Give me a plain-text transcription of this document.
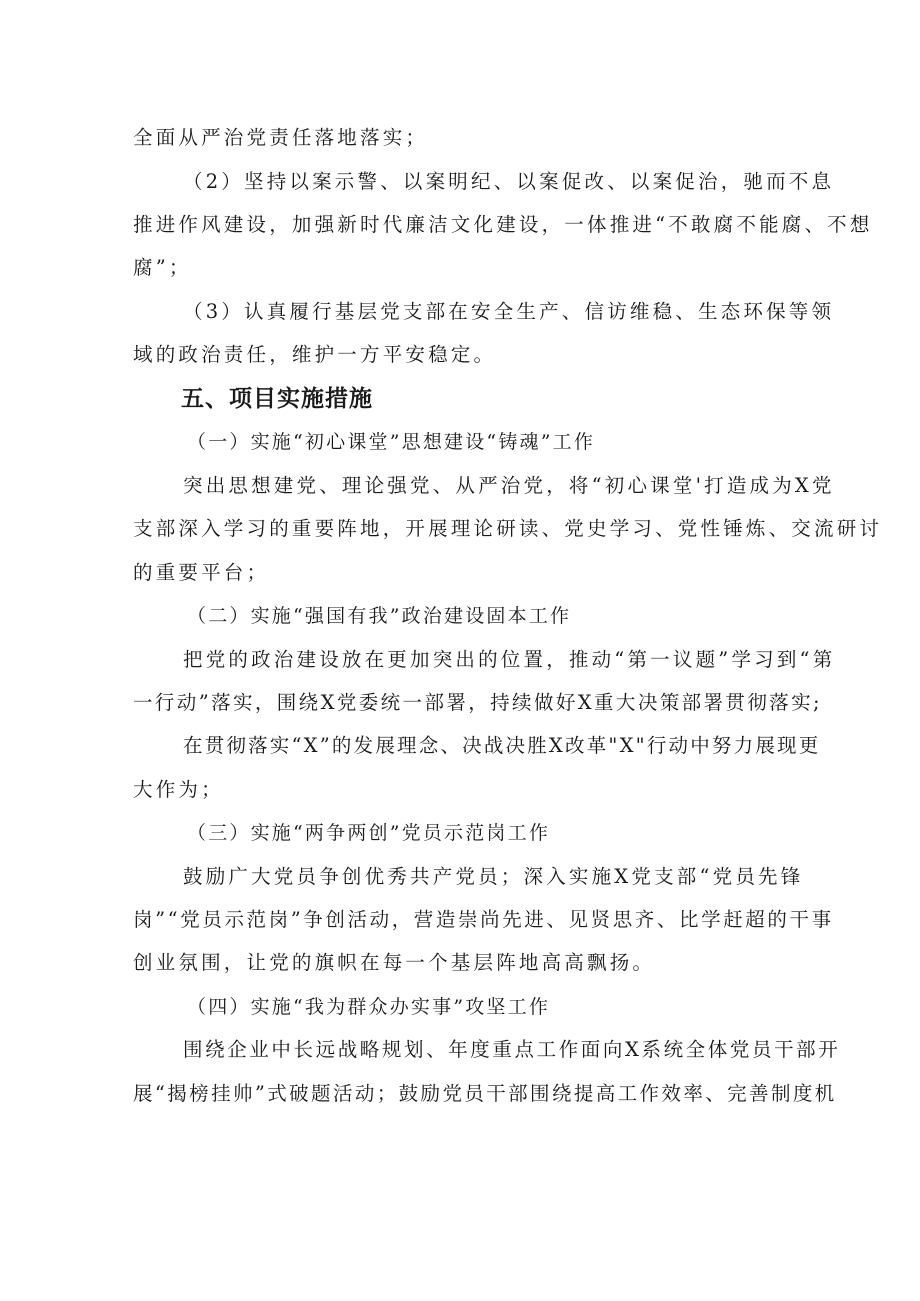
全面从严治党责任落地落实；
（2）坚持以案示警、以案明纪、以案促改、以案促治，驰而不息
推进作风建设，加强新时代廉洁文化建设，一体推进“不敢腐不能腐、不想
腐”；
（3）认真履行基层党支部在安全生产、信访维稳、生态环保等领
域的政治责任，维护一方平安稳定。
五、项目实施措施
（一）实施“初心课堂”思想建设“铸魂”工作
突出思想建党、理论强党、从严治党，将“初心课堂'打造成为X党
支部深入学习的重要阵地，开展理论研读、党史学习、党性锤炼、交流研讨
的重要平台；
（二）实施“强国有我”政治建设固本工作
把党的政治建设放在更加突出的位置，推动“第一议题”学习到“第
一行动”落实，围绕X党委统一部署，持续做好X重大决策部署贯彻落实;
在贯彻落实“X”的发展理念、决战决胜X改革"X"行动中努力展现更
大作为；
（三）实施“两争两创”党员示范岗工作
鼓励广大党员争创优秀共产党员；深入实施X党支部“党员先锋
岗”“党员示范岗”争创活动，营造崇尚先进、见贤思齐、比学赶超的干事
创业氛围，让党的旗帜在每一个基层阵地高高飘扬。
（四）实施“我为群众办实事”攻坚工作
围绕企业中长远战略规划、年度重点工作面向X系统全体党员干部开
展“揭榜挂帅”式破题活动；鼓励党员干部围绕提高工作效率、完善制度机
